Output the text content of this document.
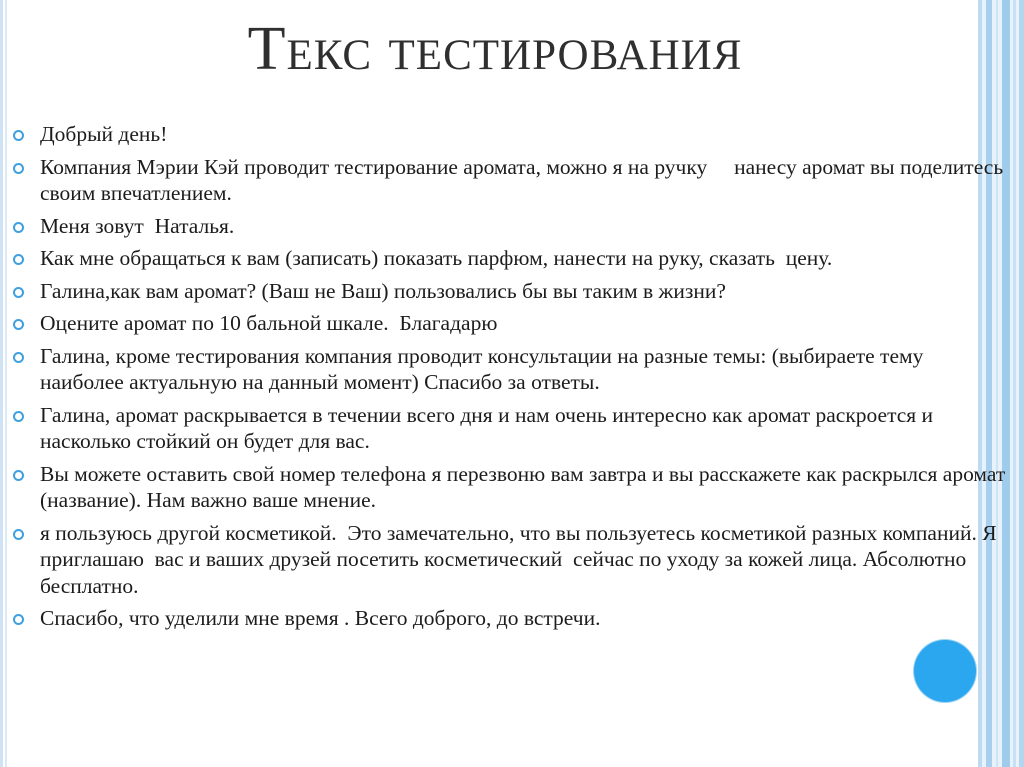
Текс тестирования
Добрый день!
Компания Мэрии Кэй проводит тестирование аромата, можно я на ручку     нанесу аромат вы поделитесь своим впечатлением.
Меня зовут  Наталья.
Как мне обращаться к вам (записать) показать парфюм, нанести на руку, сказать  цену.
Галина,как вам аромат? (Ваш не Ваш) пользовались бы вы таким в жизни?
Оцените аромат по 10 бальной шкале.  Благадарю
Галина, кроме тестирования компания проводит консультации на разные темы: (выбираете тему наиболее актуальную на данный момент) Спасибо за ответы.
Галина, аромат раскрывается в течении всего дня и нам очень интересно как аромат раскроется и насколько стойкий он будет для вас.
Вы можете оставить свой номер телефона я перезвоню вам завтра и вы расскажете как раскрылся аромат (название). Нам важно ваше мнение.
я пользуюсь другой косметикой.  Это замечательно, что вы пользуетесь косметикой разных компаний. Я приглашаю  вас и ваших друзей посетить косметический  сейчас по уходу за кожей лица. Абсолютно бесплатно.
Спасибо, что уделили мне время . Всего доброго, до встречи.
